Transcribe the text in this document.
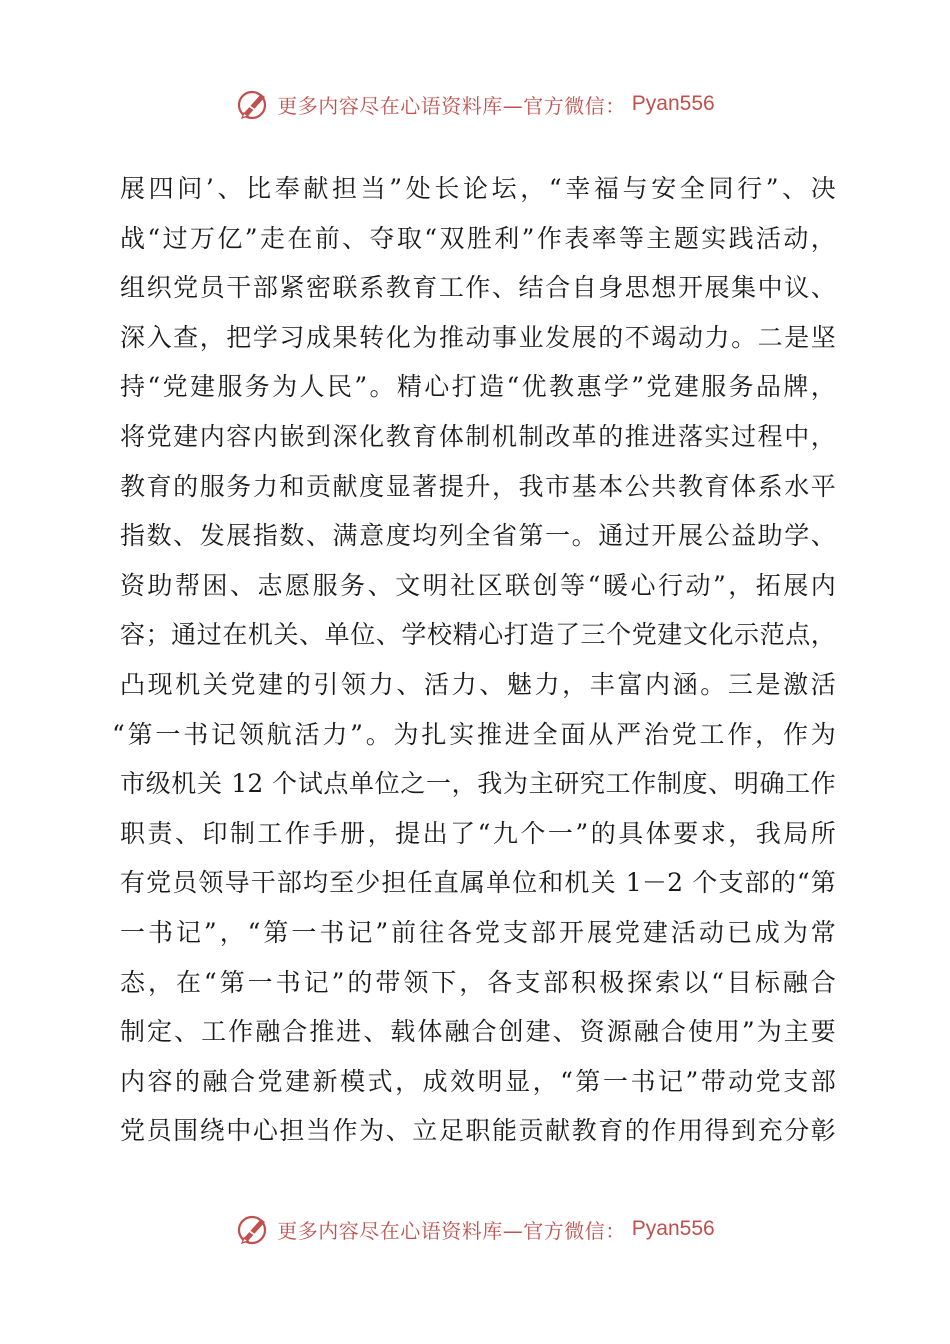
更多内容尽在心语资料库—官方微信： Pyan556
展四问’、比奉献担当”处长论坛，“幸福与安全同行”、决
战“过万亿”走在前、夺取“双胜利”作表率等主题实践活动，
组织党员干部紧密联系教育工作、结合自身思想开展集中议、
深入查，把学习成果转化为推动事业发展的不竭动力。二是坚
持“党建服务为人民”。精心打造“优教惠学”党建服务品牌，
将党建内容内嵌到深化教育体制机制改革的推进落实过程中，
教育的服务力和贡献度显著提升，我市基本公共教育体系水平
指数、发展指数、满意度均列全省第一。通过开展公益助学、
资助帮困、志愿服务、文明社区联创等“暖心行动”，拓展内
容；通过在机关、单位、学校精心打造了三个党建文化示范点，
凸现机关党建的引领力、活力、魅力，丰富内涵。三是激活
“第一书记领航活力”。为扎实推进全面从严治党工作，作为
市级机关 12 个试点单位之一，我为主研究工作制度、明确工作
职责、印制工作手册，提出了“九个一”的具体要求，我局所
有党员领导干部均至少担任直属单位和机关 1－2 个支部的“第
一书记”，“第一书记”前往各党支部开展党建活动已成为常
态，在“第一书记”的带领下，各支部积极探索以“目标融合
制定、工作融合推进、载体融合创建、资源融合使用”为主要
内容的融合党建新模式，成效明显，“第一书记”带动党支部
党员围绕中心担当作为、立足职能贡献教育的作用得到充分彰
更多内容尽在心语资料库—官方微信： Pyan556
